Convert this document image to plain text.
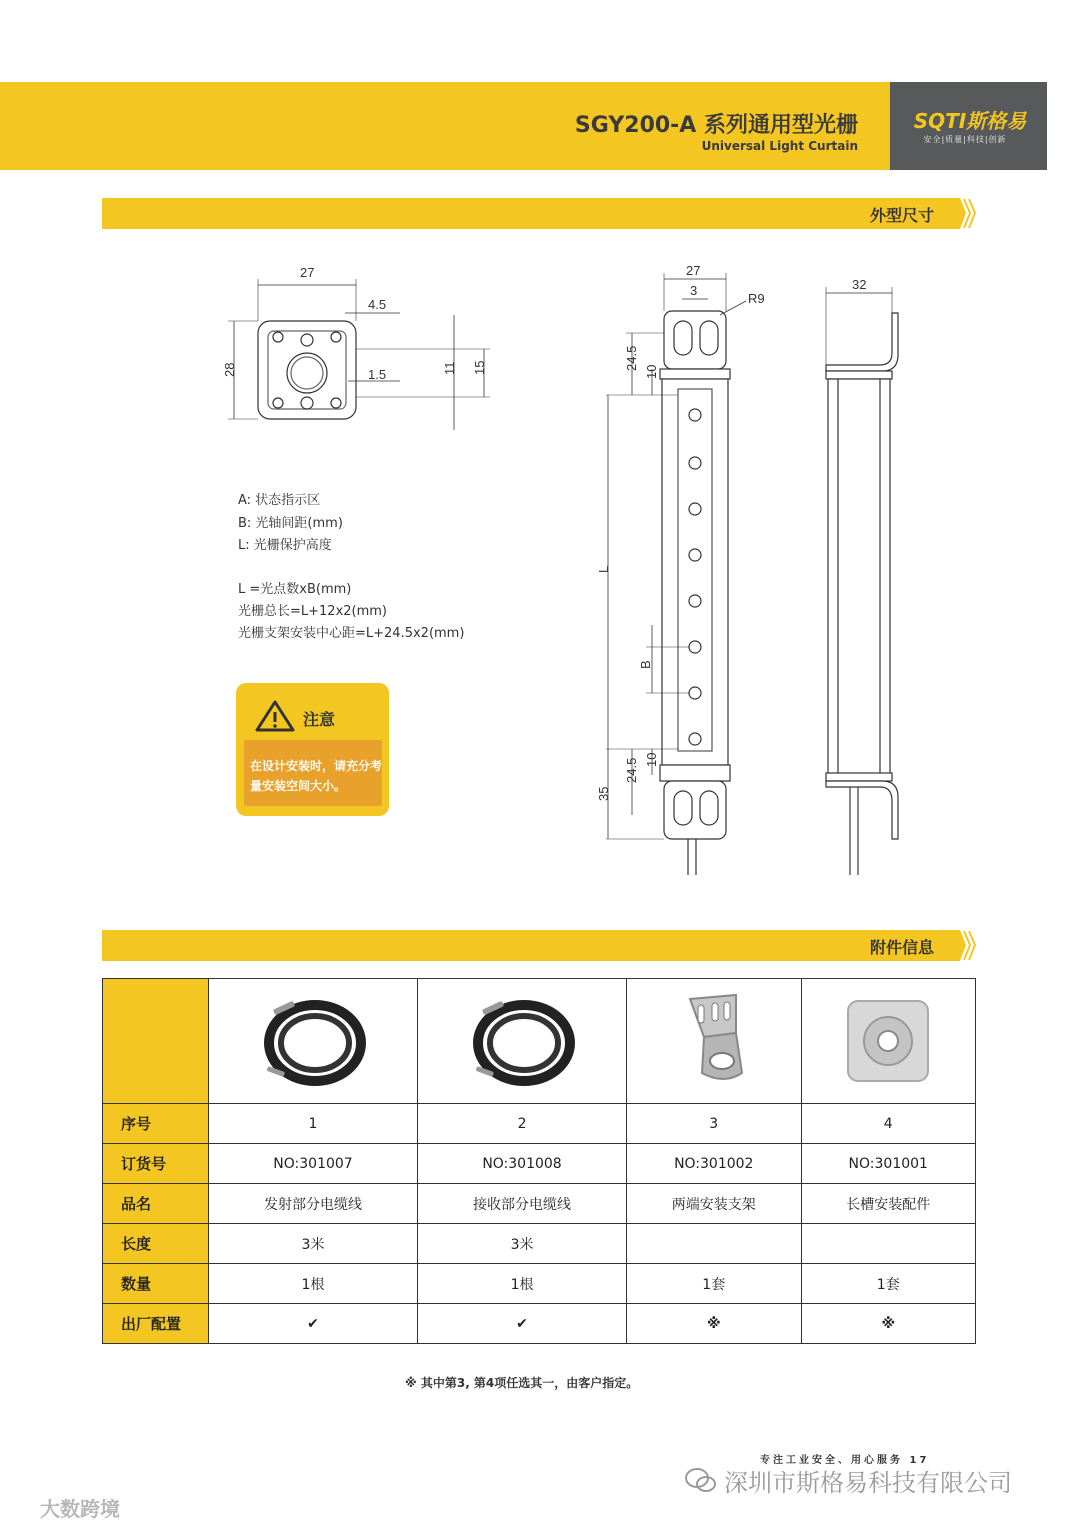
SGY200-A 系列通用型光栅
Universal Light Curtain
SQTI斯格易
安全|质量|科技|创新
外型尺寸
27
4.5
1.5
28	11 15
27
3
R9
24.5
10
L
B
10
24.5
35
32
A: 状态指示区
B: 光轴间距(mm)
L: 光栅保护高度
L =光点数xB(mm)
光栅总长=L+12x2(mm)
光栅支架安装中心距=L+24.5x2(mm)
注意
在设计安装时，请充分考量安装空间大小。
附件信息

序号	1	2	3	4
订货号	NO:301007	NO:301008	NO:301002	NO:301001
品名	发射部分电缆线	接收部分电缆线	两端安装支架	长槽安装配件
长度	3米	3米		
数量	1根	1根	1套	1套
出厂配置	✔	✔	※	※
※ 其中第3, 第4项任选其一，由客户指定。
专注工业安全、用心服务 17
深圳市斯格易科技有限公司
大数跨境
